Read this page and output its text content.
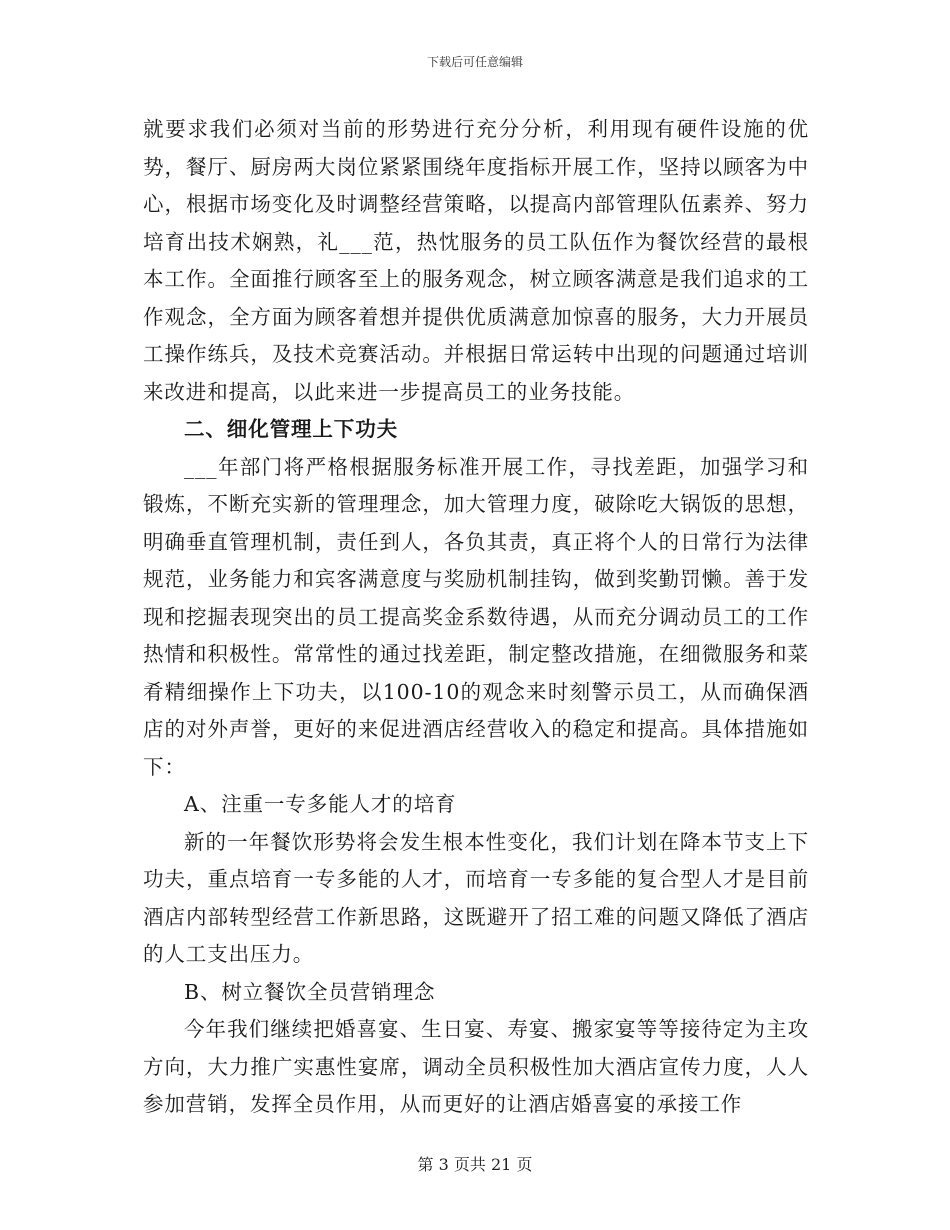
下载后可任意编辑

就要求我们必须对当前的形势进行充分分析，利用现有硬件设施的优势，餐厅、厨房两大岗位紧紧围绕年度指标开展工作，坚持以顾客为中心，根据市场变化及时调整经营策略，以提高内部管理队伍素养、努力培育出技术娴熟，礼___范，热忱服务的员工队伍作为餐饮经营的最根本工作。全面推行顾客至上的服务观念，树立顾客满意是我们追求的工作观念，全方面为顾客着想并提供优质满意加惊喜的服务，大力开展员工操作练兵，及技术竞赛活动。并根据日常运转中出现的问题通过培训来改进和提高，以此来进一步提高员工的业务技能。

二、细化管理上下功夫

___年部门将严格根据服务标准开展工作，寻找差距，加强学习和锻炼，不断充实新的管理理念，加大管理力度，破除吃大锅饭的思想，明确垂直管理机制，责任到人，各负其责，真正将个人的日常行为法律规范，业务能力和宾客满意度与奖励机制挂钩，做到奖勤罚懒。善于发现和挖掘表现突出的员工提高奖金系数待遇，从而充分调动员工的工作热情和积极性。常常性的通过找差距，制定整改措施，在细微服务和菜肴精细操作上下功夫，以100-10的观念来时刻警示员工，从而确保酒店的对外声誉，更好的来促进酒店经营收入的稳定和提高。具体措施如下：

A、注重一专多能人才的培育

新的一年餐饮形势将会发生根本性变化，我们计划在降本节支上下功夫，重点培育一专多能的人才，而培育一专多能的复合型人才是目前酒店内部转型经营工作新思路，这既避开了招工难的问题又降低了酒店的人工支出压力。

B、树立餐饮全员营销理念

今年我们继续把婚喜宴、生日宴、寿宴、搬家宴等等接待定为主攻方向，大力推广实惠性宴席，调动全员积极性加大酒店宣传力度，人人参加营销，发挥全员作用，从而更好的让酒店婚喜宴的承接工作

第 3 页共 21 页
